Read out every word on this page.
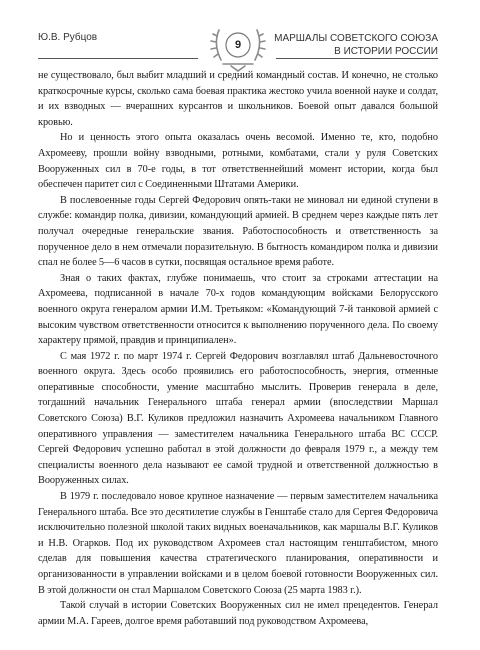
Ю.В. Рубцов
9
МАРШАЛЫ СОВЕТСКОГО СОЮЗА
В ИСТОРИИ РОССИИ

не существовало, был выбит младший и средний командный состав. И конечно, не столько краткосрочные курсы, сколько сама боевая практика жестоко учила военной науке и солдат, и их взводных — вчерашних курсантов и школьников. Боевой опыт давался большой кровью.

Но и ценность этого опыта оказалась очень весомой. Именно те, кто, подобно Ахромееву, прошли войну взводными, ротными, комбатами, стали у руля Советских Вооруженных сил в 70-е годы, в тот ответственнейший момент истории, когда был обеспечен паритет сил с Соединенными Штатами Америки.

В послевоенные годы Сергей Федорович опять-таки не миновал ни единой ступени в службе: командир полка, дивизии, командующий армией. В среднем через каждые пять лет получал очередные генеральские звания. Работоспособность и ответственность за порученное дело в нем отмечали поразительную. В бытность командиром полка и дивизии спал не более 5—6 часов в сутки, посвящая остальное время работе.

Зная о таких фактах, глубже понимаешь, что стоит за строками аттестации на Ахромеева, подписанной в начале 70-х годов командующим войсками Белорусского военного округа генералом армии И.М. Третьяком: «Командующий 7-й танковой армией с высоким чувством ответственности относится к выполнению порученного дела. По своему характеру прямой, правдив и принципиален».

С мая 1972 г. по март 1974 г. Сергей Федорович возглавлял штаб Дальневосточного военного округа. Здесь особо проявились его работоспособность, энергия, отменные оперативные способности, умение масштабно мыслить. Проверив генерала в деле, тогдашний начальник Генерального штаба генерал армии (впоследствии Маршал Советского Союза) В.Г. Куликов предложил назначить Ахромеева начальником Главного оперативного управления — заместителем начальника Генерального штаба ВС СССР. Сергей Федорович успешно работал в этой должности до февраля 1979 г., а между тем специалисты военного дела называют ее самой трудной и ответственной должностью в Вооруженных силах.

В 1979 г. последовало новое крупное назначение — первым заместителем начальника Генерального штаба. Все это десятилетие службы в Генштабе стало для Сергея Федоровича исключительно полезной школой таких видных военачальников, как маршалы В.Г. Куликов и Н.В. Огарков. Под их руководством Ахромеев стал настоящим генштабистом, много сделав для повышения качества стратегического планирования, оперативности и организованности в управлении войсками и в целом боевой готовности Вооруженных сил. В этой должности он стал Маршалом Советского Союза (25 марта 1983 г.).

Такой случай в истории Советских Вооруженных сил не имел прецедентов. Генерал армии М.А. Гареев, долгое время работавший под руководством Ахромеева,
